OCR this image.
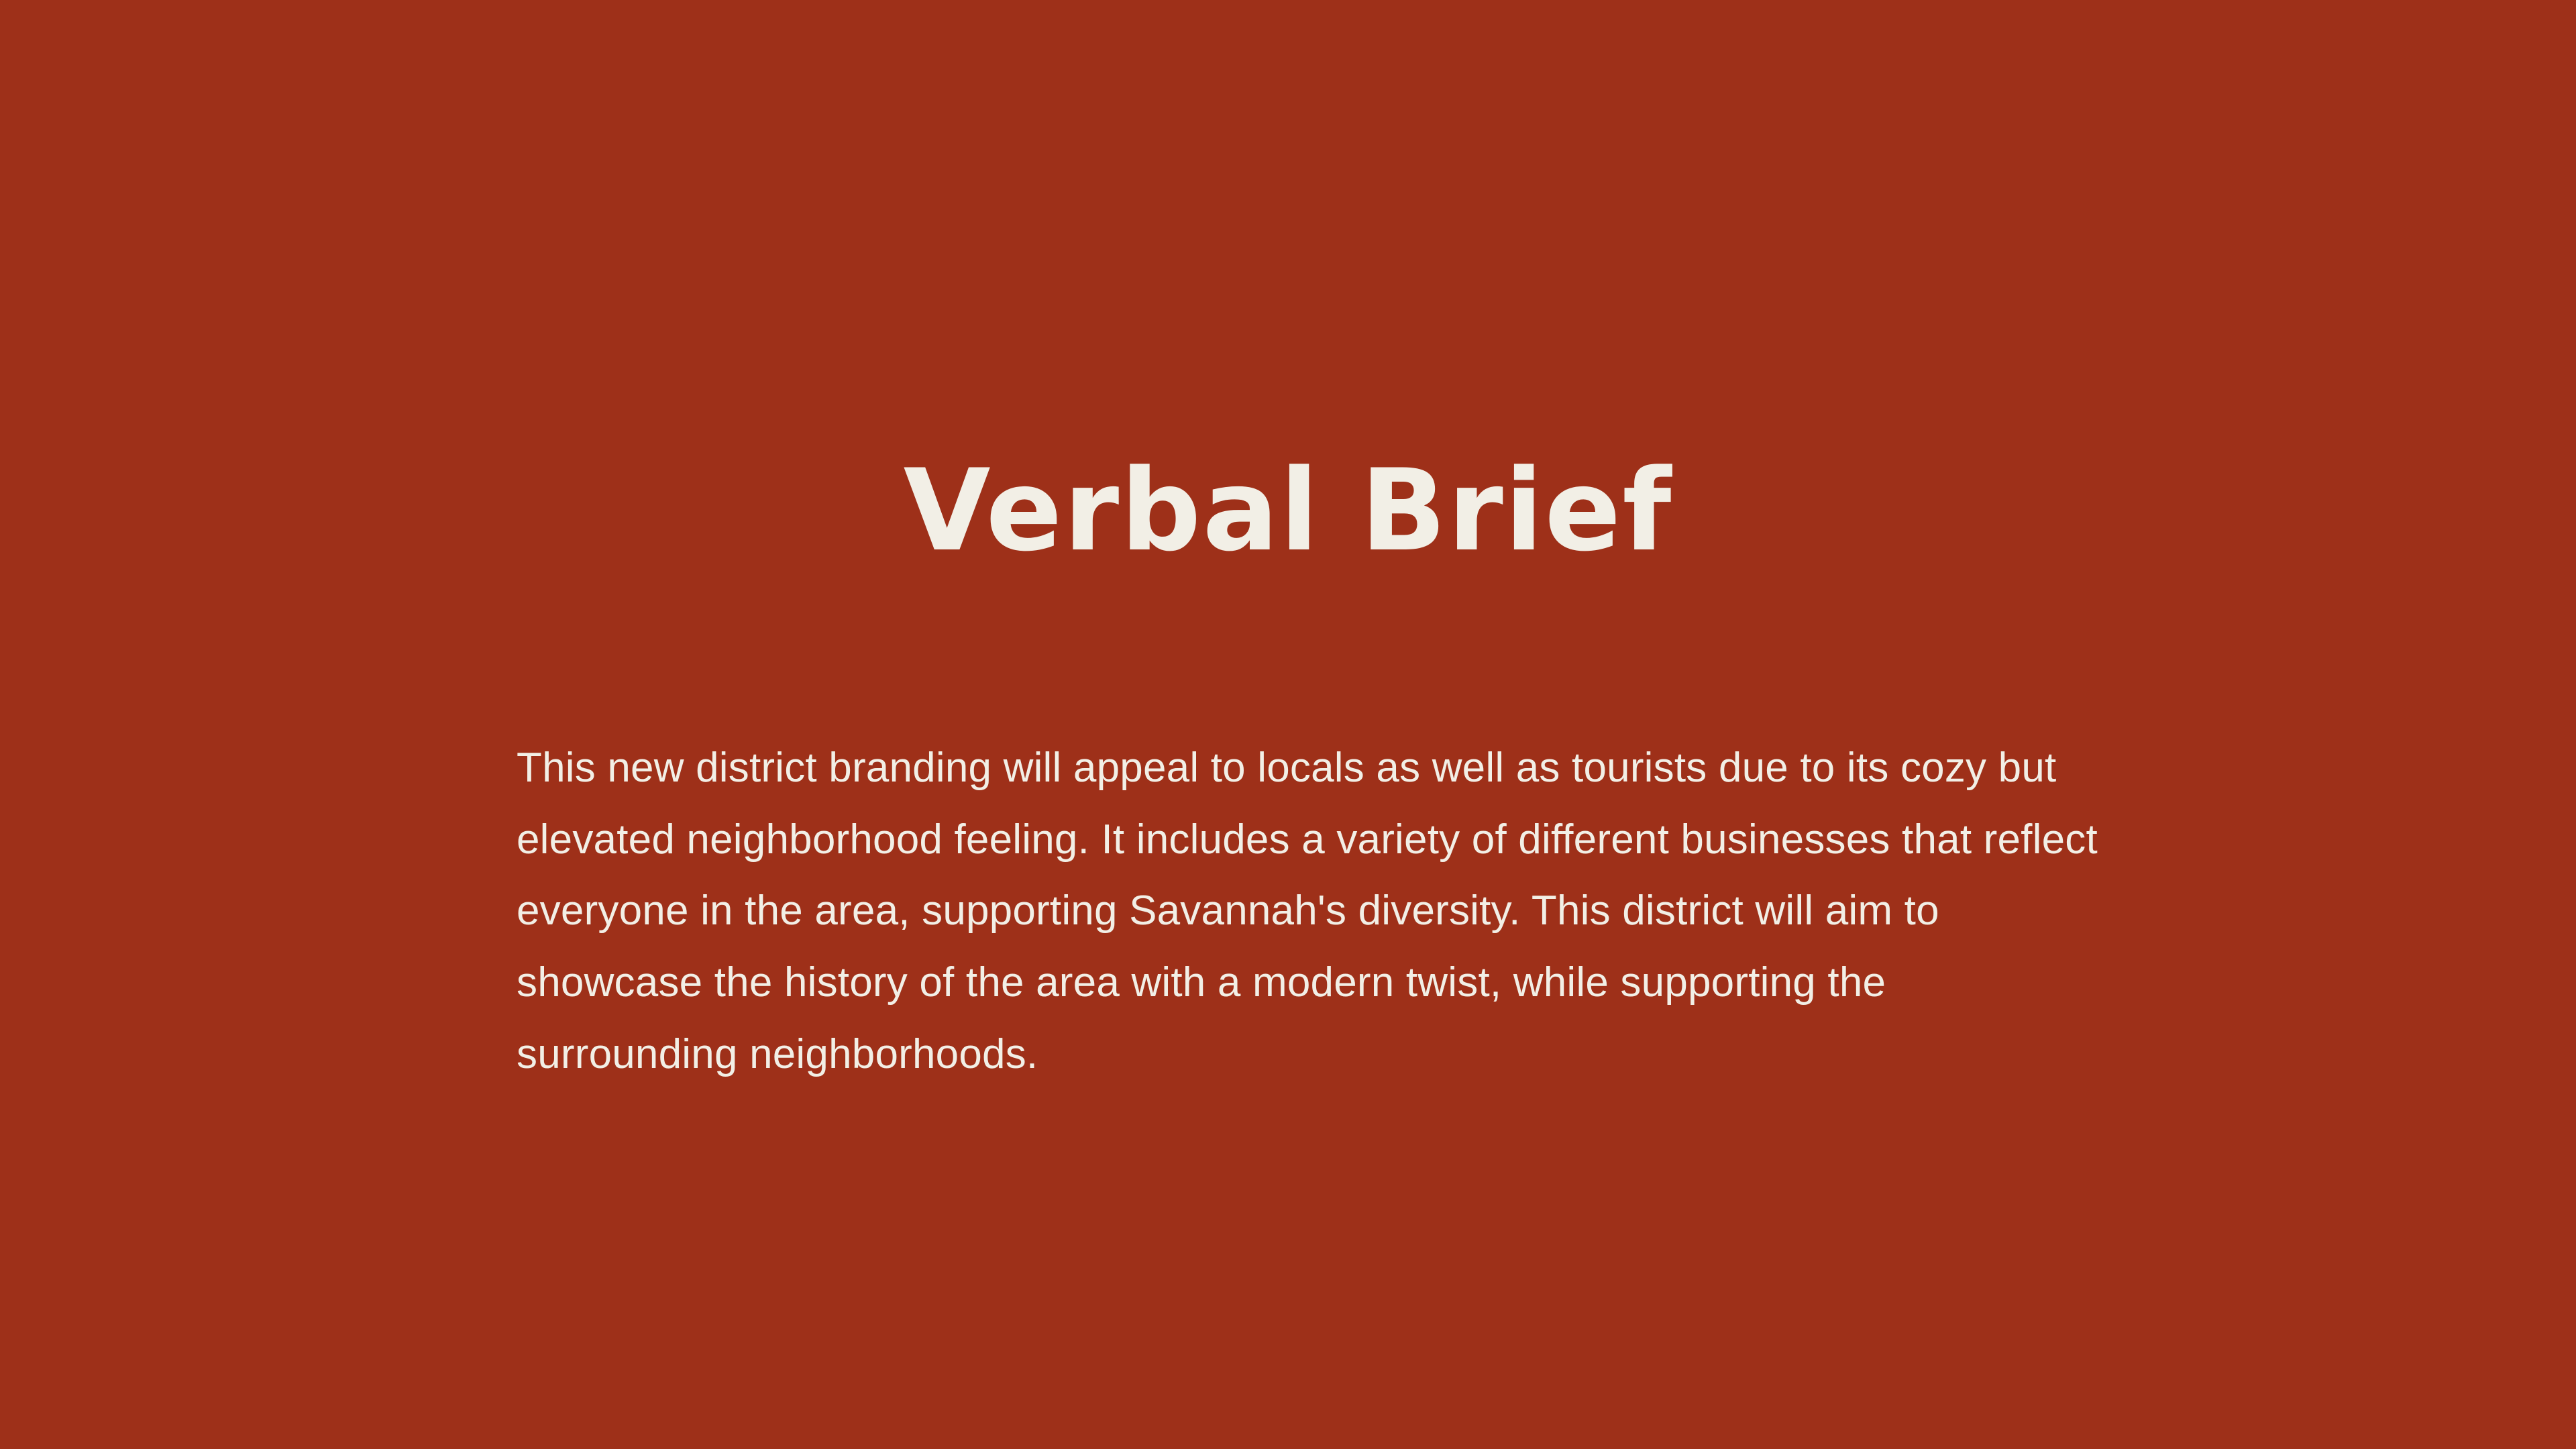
Verbal Brief

This new district branding will appeal to locals as well as tourists due to its cozy but elevated neighborhood feeling. It includes a variety of different businesses that reflect everyone in the area, supporting Savannah's diversity. This district will aim to showcase the history of the area with a modern twist, while supporting the surrounding neighborhoods.
